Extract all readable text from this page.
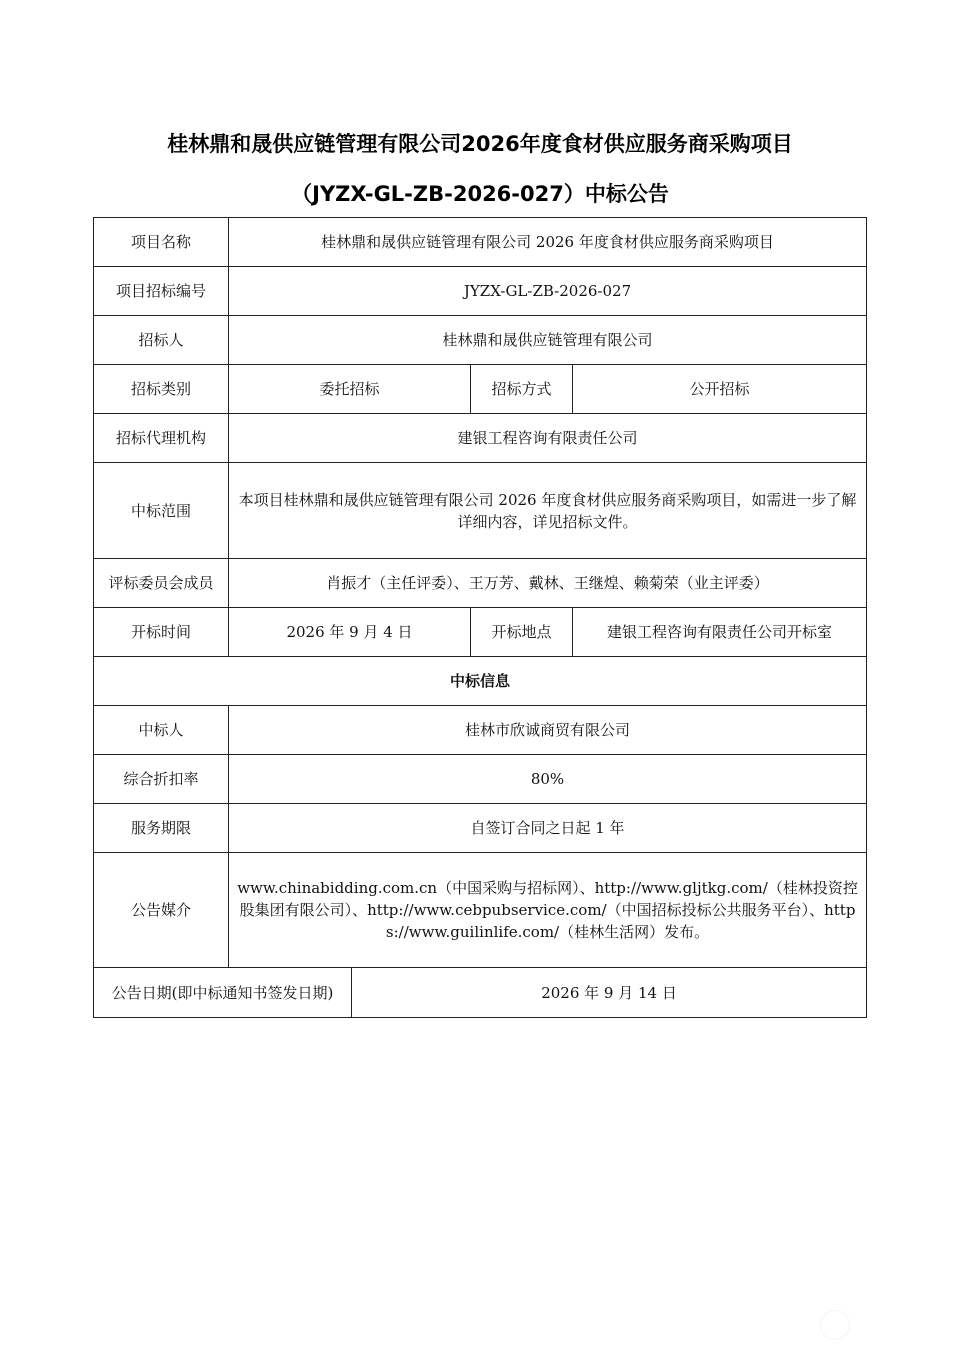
桂林鼎和晟供应链管理有限公司2026年度食材供应服务商采购项目
（JYZX-GL-ZB-2026-027）中标公告
项目名称	桂林鼎和晟供应链管理有限公司 2026 年度食材供应服务商采购项目			
项目招标编号	JYZX-GL-ZB-2026-027			
招标人	桂林鼎和晟供应链管理有限公司			
招标类别	委托招标		招标方式	公开招标
招标代理机构	建银工程咨询有限责任公司			
中标范围	本项目桂林鼎和晟供应链管理有限公司 2026 年度食材供应服务商采购项目，如需进一步了解详细内容，详见招标文件。			
评标委员会成员	肖振才（主任评委）、王万芳、戴林、王继煌、赖菊荣（业主评委）			
开标时间	2026 年 9 月 4 日		开标地点	建银工程咨询有限责任公司开标室
中标信息				
中标人	桂林市欣诚商贸有限公司			
综合折扣率	80%			
服务期限	自签订合同之日起 1 年			
公告媒介	www.chinabidding.com.cn（中国采购与招标网）、http://www.gljtkg.com/（桂林投资控股集团有限公司）、http://www.cebpubservice.com/（中国招标投标公共服务平台）、https://www.guilinlife.com/（桂林生活网）发布。			
公告日期(即中标通知书签发日期)		2026 年 9 月 14 日		
